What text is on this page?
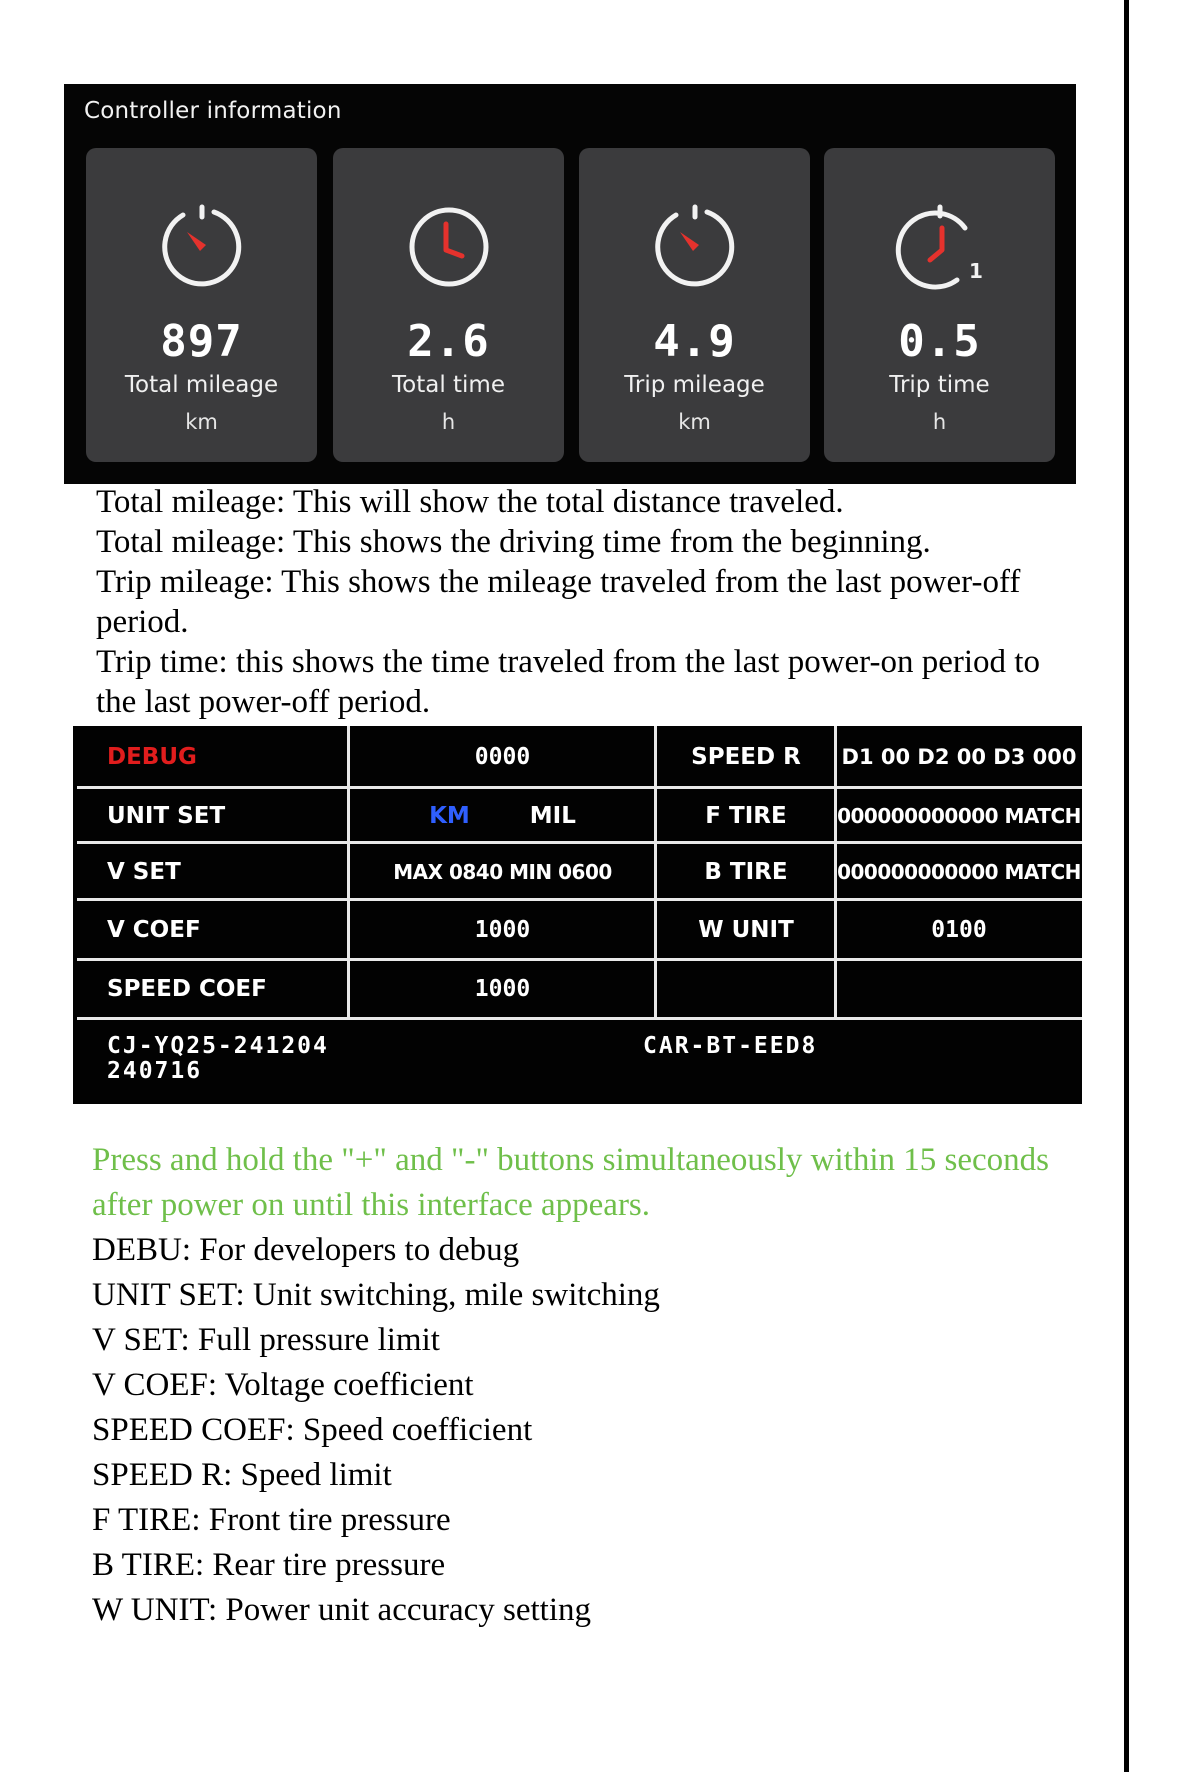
Controller information
897
Total mileage
km
2.6
Total time
h
4.9
Trip mileage
km
1
0.5
Trip time
h

Total mileage: This will show the total distance traveled.

Total mileage: This shows the driving time from the beginning.

Trip mileage: This shows the mileage traveled from the last power-off period.

Trip time: this shows the time traveled from the last power-on period to the last power-off period.

DEBUG	0000	SPEED R	D1 00 D2 00 D3 000
UNIT SET	KM	MIL	F TIRE	000000000000 MATCH
V SET	MAX 0840 MIN 0600	B TIRE	000000000000 MATCH
V COEF	1000	W UNIT	0100
SPEED COEF	1000
CJ-YQ25-241204
240716
CAR-BT-EED8

Press and hold the "+" and "-" buttons simultaneously within 15 seconds after power on until this interface appears.

DEBU: For developers to debug

UNIT SET: Unit switching, mile switching

V SET: Full pressure limit

V COEF: Voltage coefficient

SPEED COEF: Speed coefficient

SPEED R: Speed limit

F TIRE: Front tire pressure

B TIRE: Rear tire pressure

W UNIT: Power unit accuracy setting
